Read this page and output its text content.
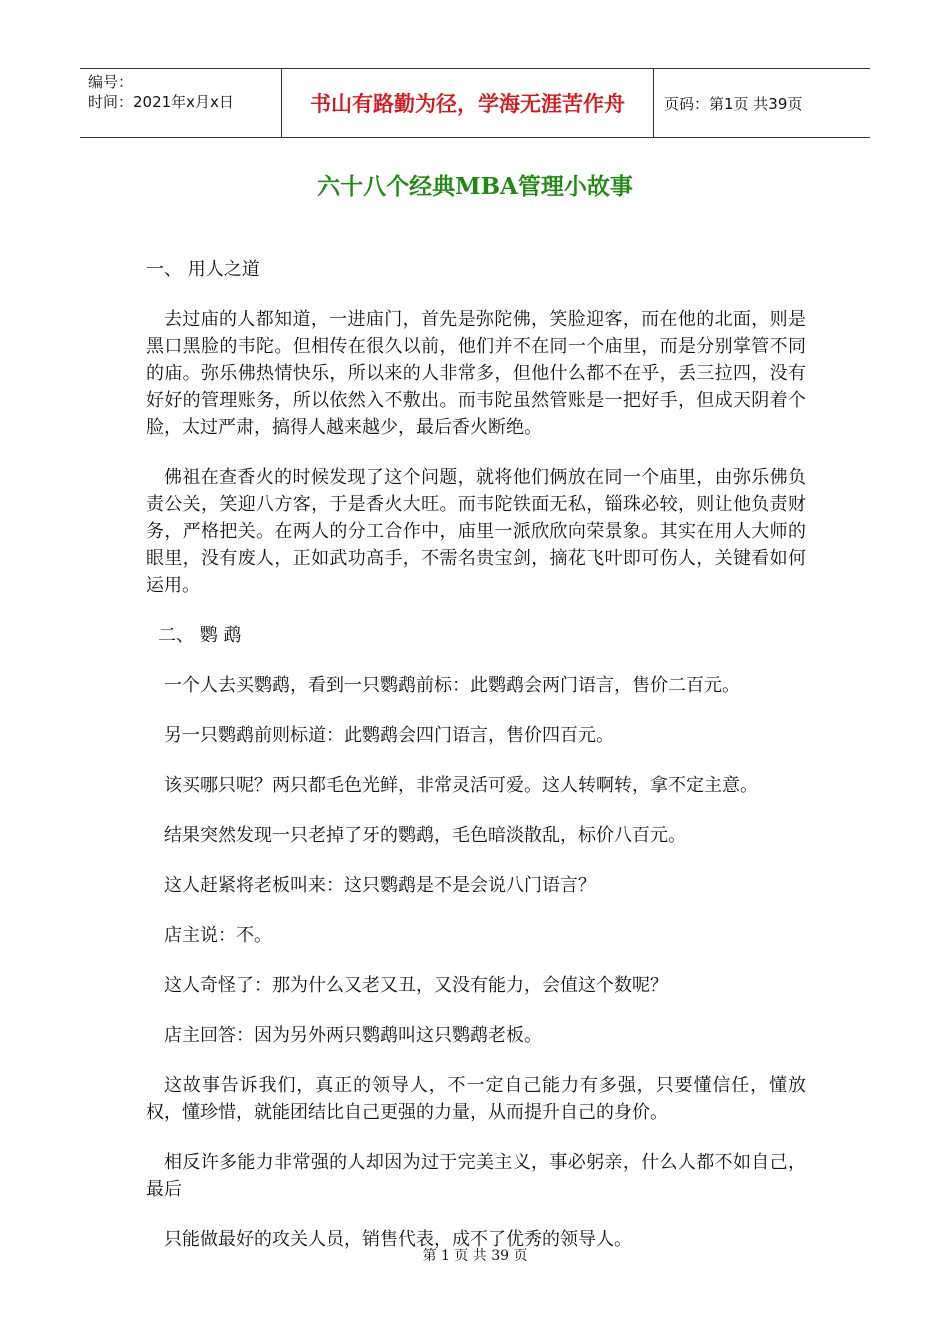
编号：
时间：2021年x月x日	书山有路勤为径，学海无涯苦作舟	页码：第1页 共39页
六十八个经典MBA管理小故事

一、 用人之道

去过庙的人都知道，一进庙门，首先是弥陀佛，笑脸迎客，而在他的北面，则是黑口黑脸的韦陀。但相传在很久以前，他们并不在同一个庙里，而是分别掌管不同的庙。弥乐佛热情快乐，所以来的人非常多，但他什么都不在乎，丢三拉四，没有好好的管理账务，所以依然入不敷出。而韦陀虽然管账是一把好手，但成天阴着个脸，太过严肃，搞得人越来越少，最后香火断绝。

佛祖在查香火的时候发现了这个问题，就将他们俩放在同一个庙里，由弥乐佛负责公关，笑迎八方客，于是香火大旺。而韦陀铁面无私，锱珠必较，则让他负责财务，严格把关。在两人的分工合作中，庙里一派欣欣向荣景象。其实在用人大师的眼里，没有废人，正如武功高手，不需名贵宝剑，摘花飞叶即可伤人，关键看如何运用。

二、 鹦 鹉

一个人去买鹦鹉，看到一只鹦鹉前标：此鹦鹉会两门语言，售价二百元。

另一只鹦鹉前则标道：此鹦鹉会四门语言，售价四百元。

该买哪只呢？两只都毛色光鲜，非常灵活可爱。这人转啊转，拿不定主意。

结果突然发现一只老掉了牙的鹦鹉，毛色暗淡散乱，标价八百元。

这人赶紧将老板叫来：这只鹦鹉是不是会说八门语言？

店主说：不。

这人奇怪了：那为什么又老又丑，又没有能力，会值这个数呢？

店主回答：因为另外两只鹦鹉叫这只鹦鹉老板。

这故事告诉我们，真正的领导人，不一定自己能力有多强，只要懂信任，懂放权，懂珍惜，就能团结比自己更强的力量，从而提升自己的身价。

相反许多能力非常强的人却因为过于完美主义，事必躬亲，什么人都不如自己，最后

只能做最好的攻关人员，销售代表，成不了优秀的领导人。

第 1 页 共 39 页
